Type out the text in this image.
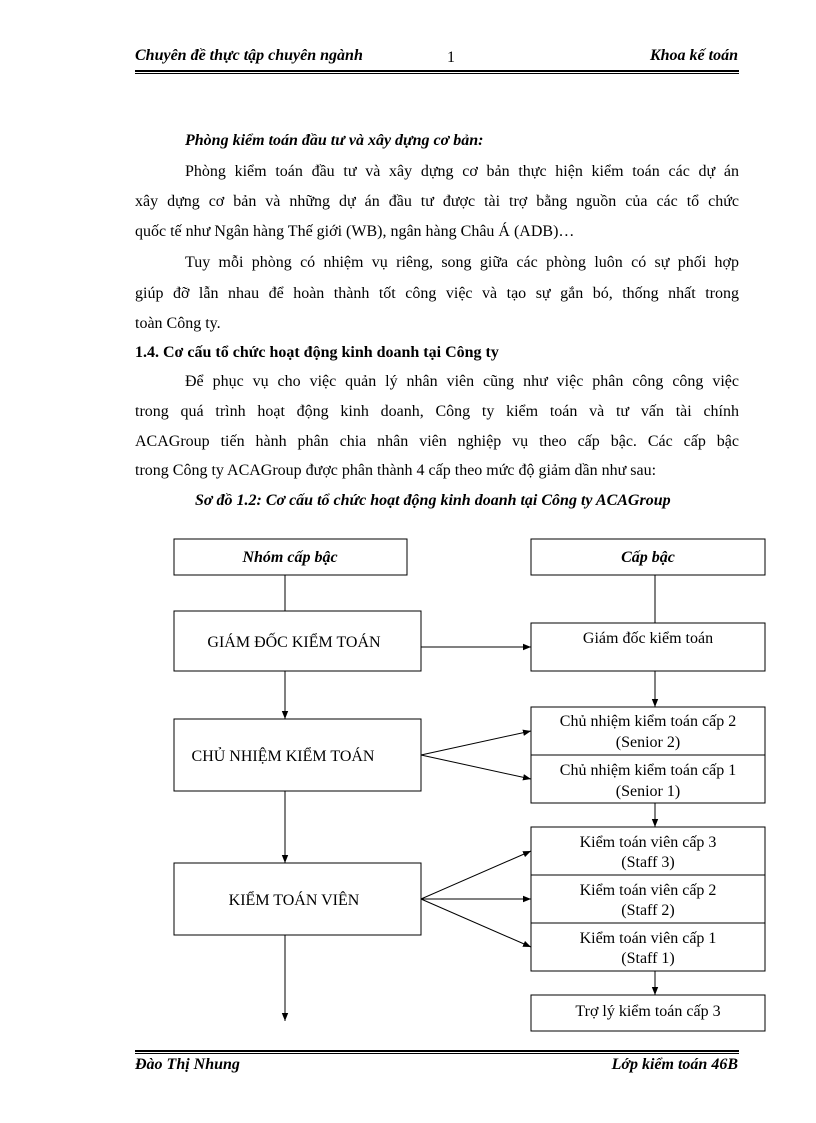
Chuyên đề thực tập chuyên ngành	1	Khoa kế toán
Phòng kiểm toán đầu tư và xây dựng cơ bản:
Phòng kiểm toán đầu tư và xây dựng cơ bản thực hiện kiểm toán các dự án
xây dựng cơ bản và những dự án đầu tư được tài trợ bằng nguồn của các tổ chức
quốc tế như Ngân hàng Thế giới (WB), ngân hàng Châu Á (ADB)…
Tuy mỗi phòng có nhiệm vụ riêng, song giữa các phòng luôn có sự phối hợp
giúp đỡ lẫn nhau để hoàn thành tốt công việc và tạo sự gắn bó, thống nhất trong
toàn Công ty.
1.4. Cơ cấu tổ chức hoạt động kinh doanh tại Công ty
Để phục vụ cho việc quản lý nhân viên cũng như việc phân công công việc
trong quá trình hoạt động kinh doanh, Công ty kiểm toán và tư vấn tài chính
ACAGroup tiến hành phân chia nhân viên nghiệp vụ theo cấp bậc. Các cấp bậc
trong Công ty ACAGroup được phân thành 4 cấp theo mức độ giảm dần như sau:
Sơ đồ 1.2: Cơ cấu tổ chức hoạt động kinh doanh tại Công ty ACAGroup
Nhóm cấp bậc	Cấp bậc
GIÁM ĐỐC KIỂM TOÁN
CHỦ NHIỆM KIỂM TOÁN
KIỂM TOÁN VIÊN
Giám đốc kiểm toán
Chủ nhiệm kiểm toán cấp 2
(Senior 2)
Chủ nhiệm kiểm toán cấp 1
(Senior 1)
Kiểm toán viên cấp 3
(Staff 3)
Kiểm toán viên cấp 2
(Staff 2)
Kiểm toán viên cấp 1
(Staff 1)
Trợ lý kiểm toán cấp 3
Đào Thị Nhung	Lớp kiểm toán 46B
